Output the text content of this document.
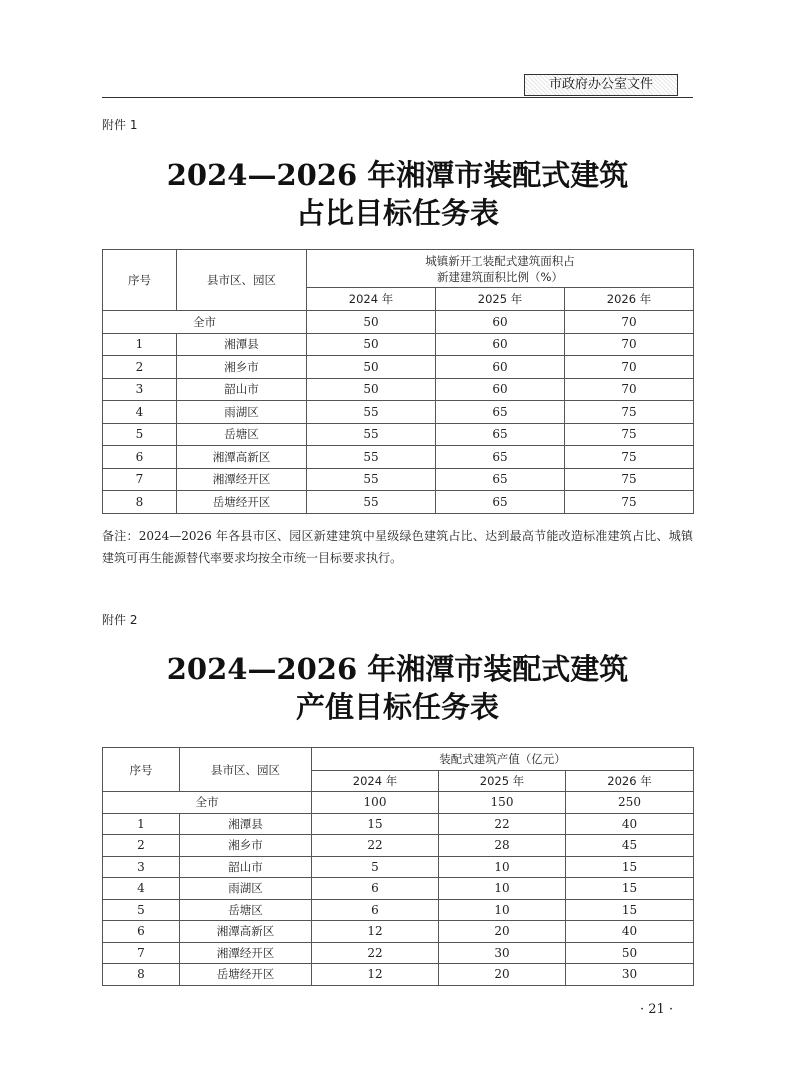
市政府办公室文件
附件 1
2024—2026 年湘潭市装配式建筑
占比目标任务表
序号	县市区、园区	城镇新开工装配式建筑面积占
新建建筑面积比例（%）		

		2024 年	2025 年	2026 年
全市		50	60	70
1	湘潭县	50	60	70
2	湘乡市	50	60	70
3	韶山市	50	60	70
4	雨湖区	55	65	75
5	岳塘区	55	65	75
6	湘潭高新区	55	65	75
7	湘潭经开区	55	65	75
8	岳塘经开区	55	65	75
备注：2024—2026 年各县市区、园区新建建筑中星级绿色建筑占比、达到最高节能改造标准建筑占比、城镇建筑可再生能源替代率要求均按全市统一目标要求执行。
附件 2
2024—2026 年湘潭市装配式建筑
产值目标任务表
序号	县市区、园区	装配式建筑产值（亿元）		
		2024 年	2025 年	2026 年
全市		100	150	250
1	湘潭县	15	22	40
2	湘乡市	22	28	45
3	韶山市	5	10	15
4	雨湖区	6	10	15
5	岳塘区	6	10	15
6	湘潭高新区	12	20	40
7	湘潭经开区	22	30	50
8	岳塘经开区	12	20	30
· 21 ·
